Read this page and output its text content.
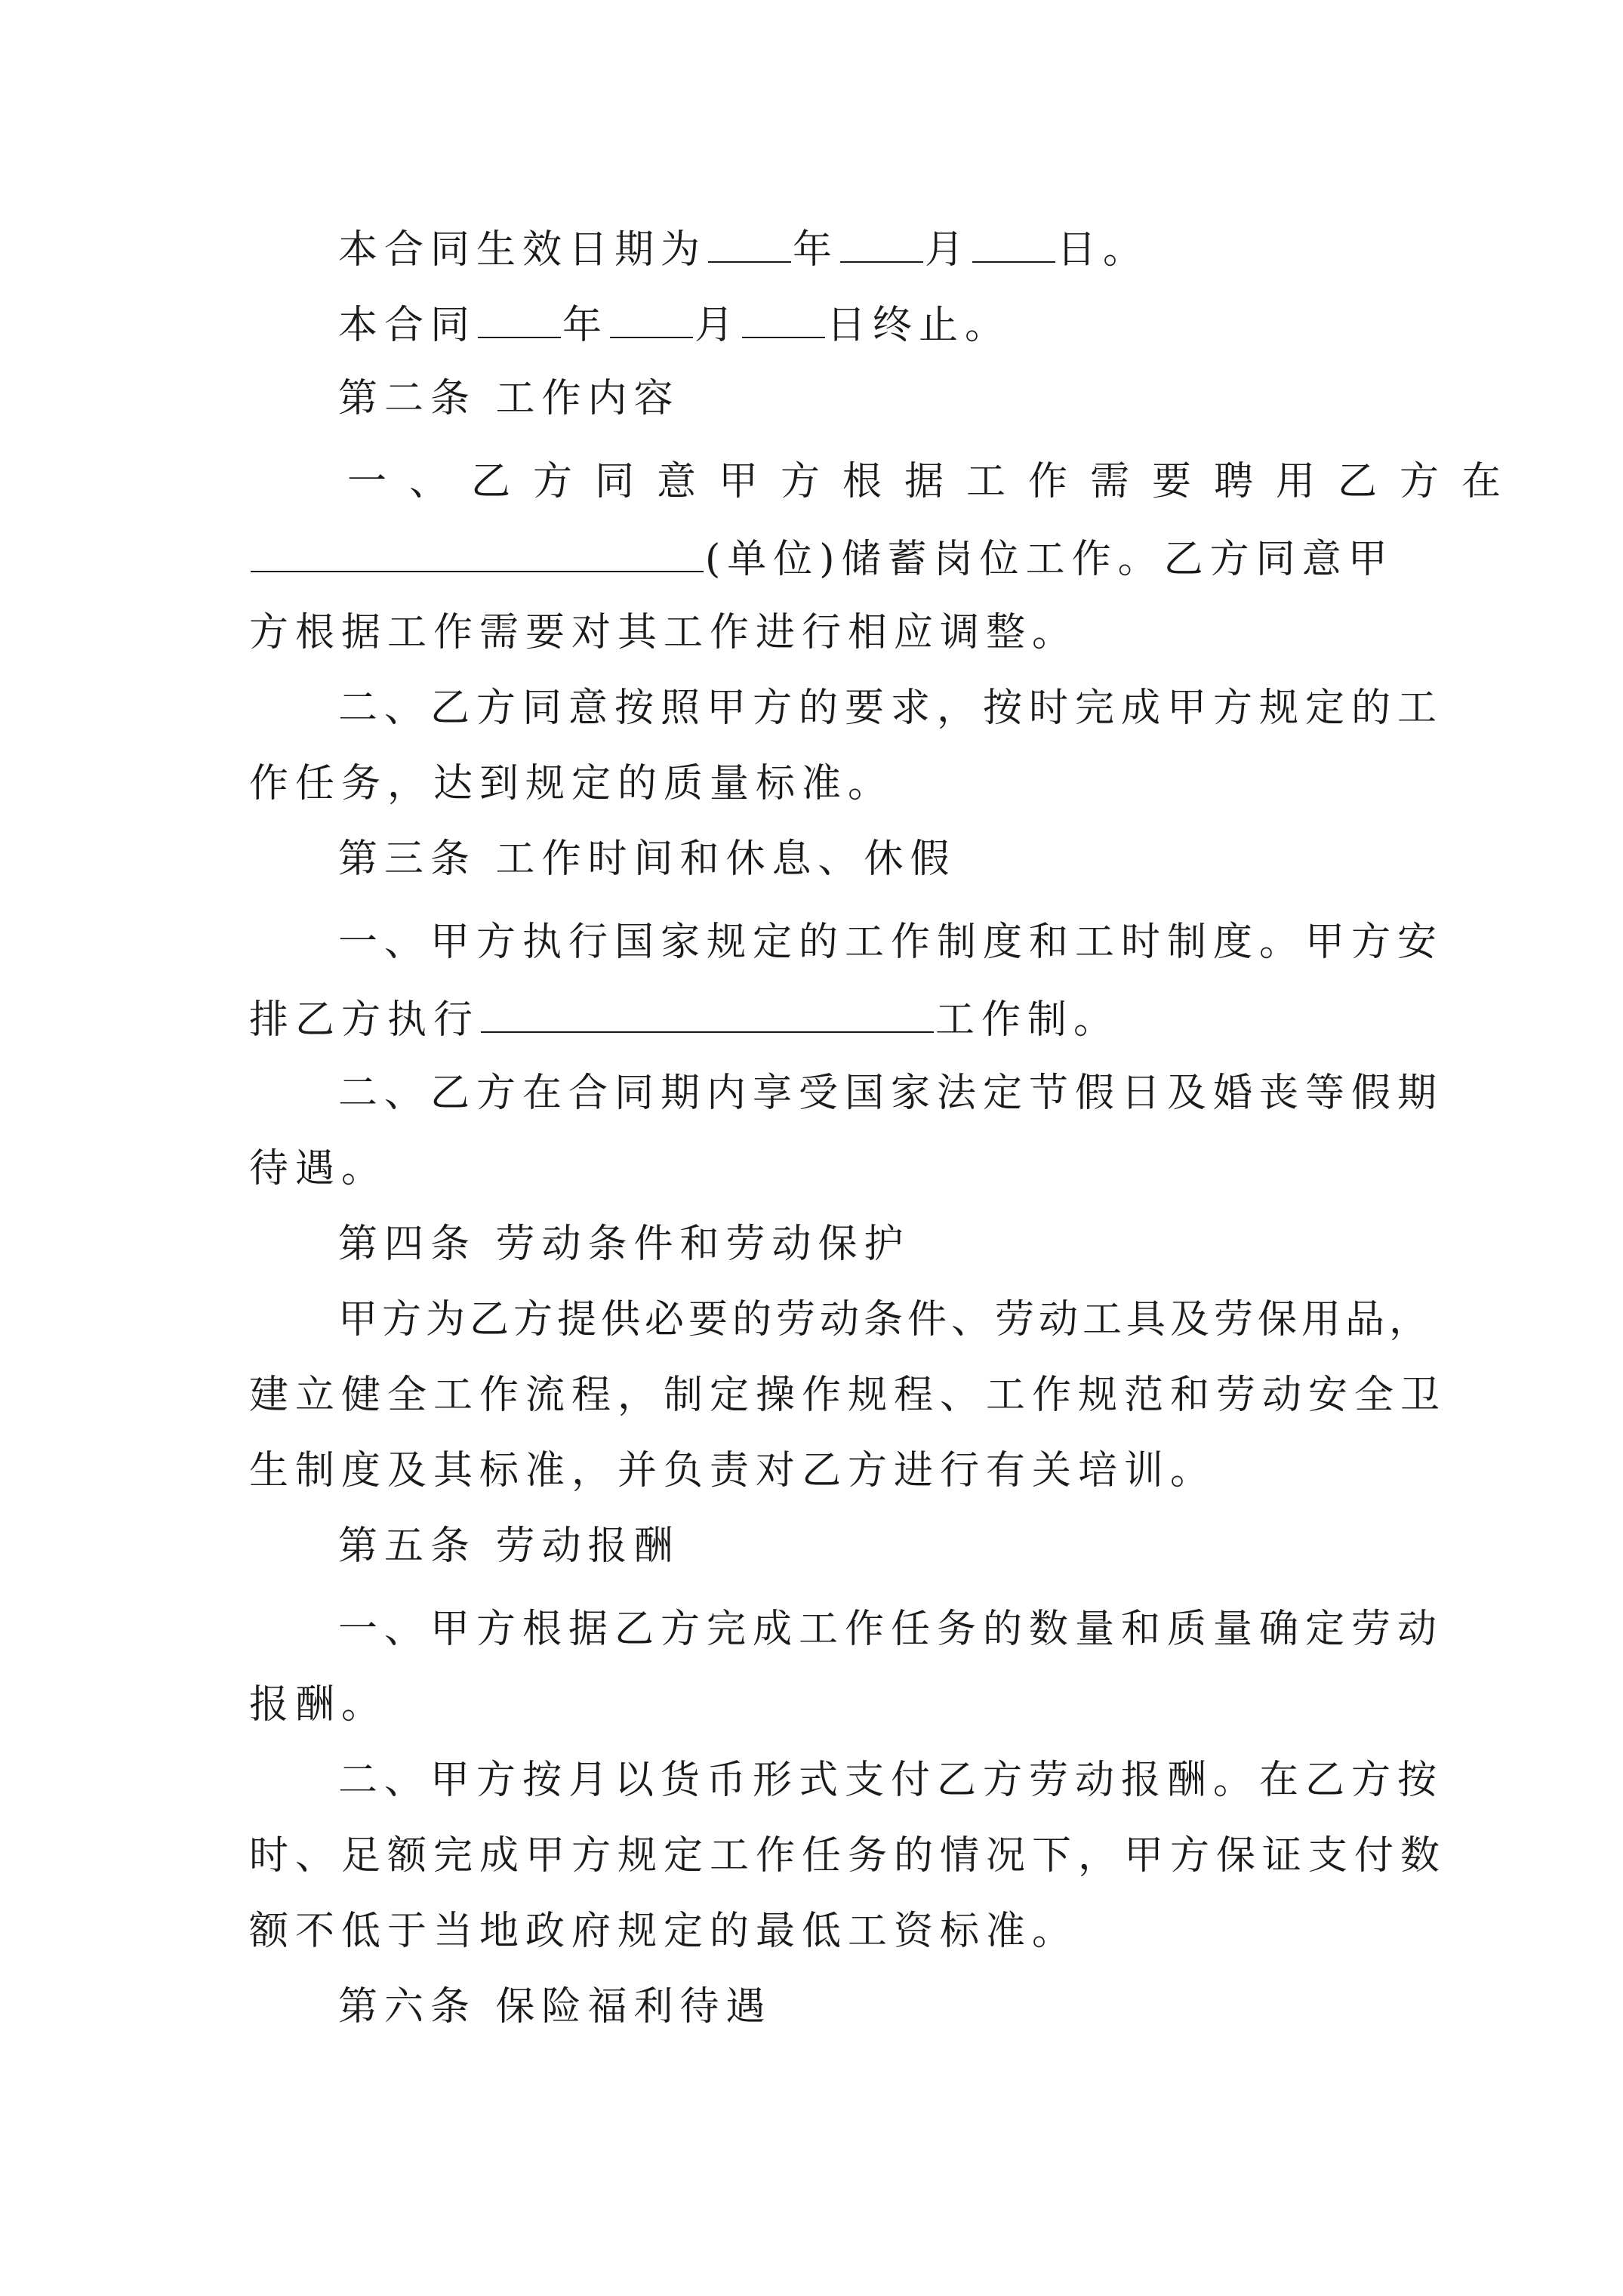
本合同生效日期为 年 月 日。
本合同 年 月 日终止。
第二条 工作内容
一、乙方同意甲方根据工作需要聘用乙方在
(单位)储蓄岗位工作。乙方同意甲
方根据工作需要对其工作进行相应调整。
二、乙方同意按照甲方的要求，按时完成甲方规定的工
作任务，达到规定的质量标准。
第三条 工作时间和休息、休假
一、甲方执行国家规定的工作制度和工时制度。甲方安
排乙方执行	工作制。
二、乙方在合同期内享受国家法定节假日及婚丧等假期
待遇。
第四条 劳动条件和劳动保护
甲方为乙方提供必要的劳动条件、劳动工具及劳保用品，
建立健全工作流程，制定操作规程、工作规范和劳动安全卫
生制度及其标准，并负责对乙方进行有关培训。
第五条 劳动报酬
一、甲方根据乙方完成工作任务的数量和质量确定劳动
报酬。
二、甲方按月以货币形式支付乙方劳动报酬。在乙方按
时、足额完成甲方规定工作任务的情况下，甲方保证支付数
额不低于当地政府规定的最低工资标准。
第六条 保险福利待遇
